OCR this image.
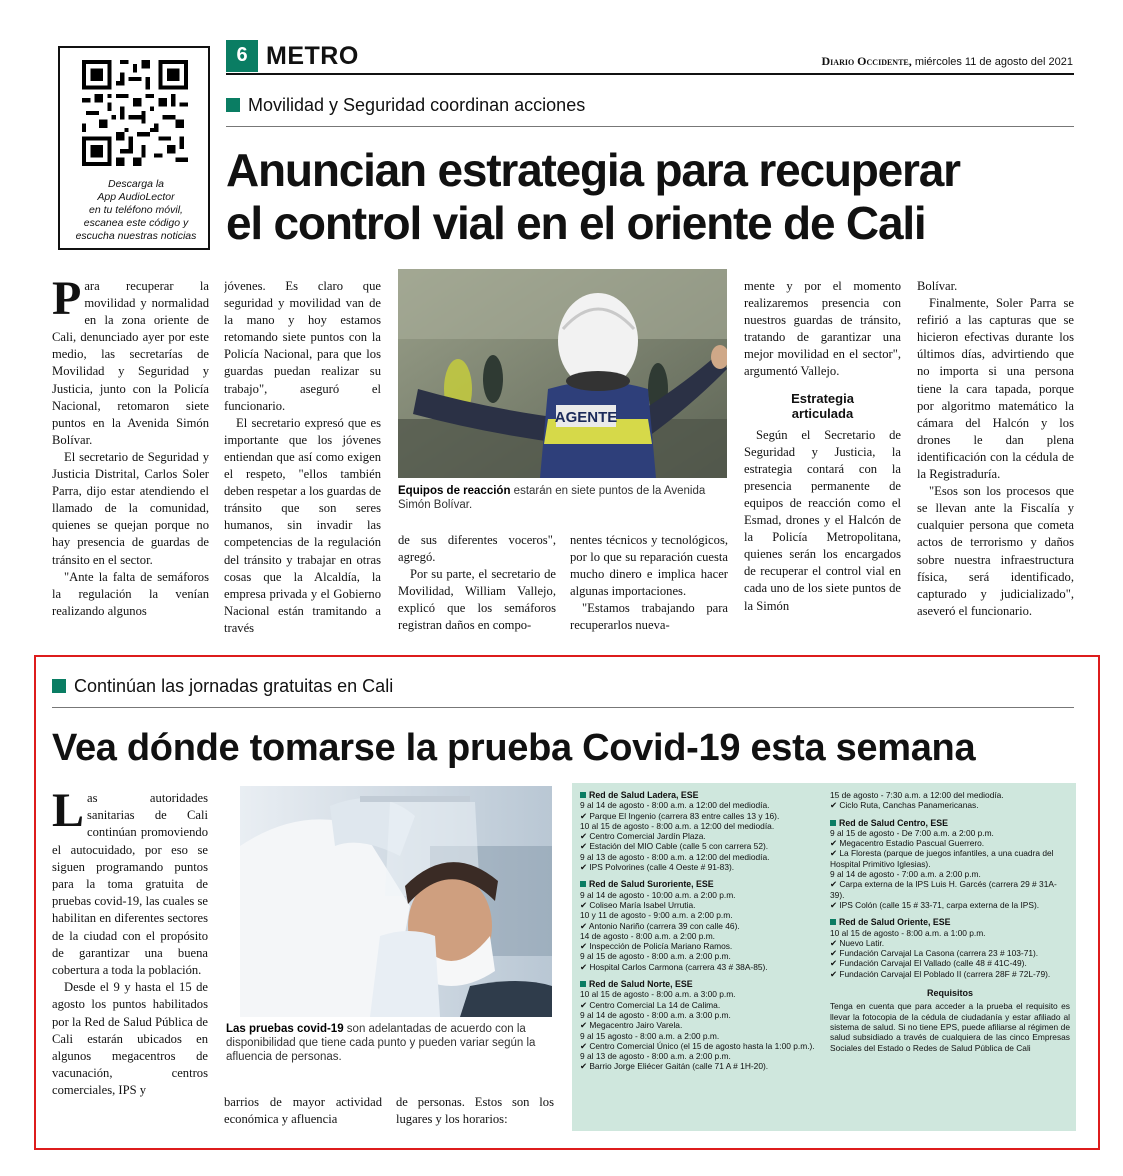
Descarga la
App AudioLector
en tu teléfono móvil,
escanea este código y
escucha nuestras noticias
6 METRO	Diario Occidente, miércoles 11 de agosto del 2021
Movilidad y Seguridad coordinan acciones
Anuncian estrategia para recuperar
el control vial en el oriente de Cali

Para recuperar la movilidad y normalidad en la zona oriente de Cali, denunciado ayer por este medio, las secretarías de Movilidad y Seguridad y Justicia, junto con la Policía Nacional, retomaron siete puntos en la Avenida Simón Bolívar.

El secretario de Seguridad y Justicia Distrital, Carlos Soler Parra, dijo estar atendiendo el llamado de la comunidad, quienes se quejan porque no hay presencia de guardas de tránsito en el sector.

"Ante la falta de semáforos la regulación la venían realizando algunos

jóvenes. Es claro que seguridad y movilidad van de la mano y hoy estamos retomando siete puntos con la Policía Nacional, para que los guardas puedan realizar su trabajo", aseguró el funcionario.

El secretario expresó que es importante que los jóvenes entiendan que así como exigen el respeto, "ellos también deben respetar a los guardas de tránsito que son seres humanos, sin invadir las competencias de la regulación del tránsito y trabajar en otras cosas que la Alcaldía, la empresa privada y el Gobierno Nacional están tramitando a través

AGENTE
Equipos de reacción estarán en siete puntos de la Avenida Simón Bolívar.

de sus diferentes voceros", agregó.

Por su parte, el secretario de Movilidad, William Vallejo, explicó que los semáforos registran daños en compo-

nentes técnicos y tecnológicos, por lo que su reparación cuesta mucho dinero e implica hacer algunas importaciones.

"Estamos trabajando para recuperarlos nueva-

mente y por el momento realizaremos presencia con nuestros guardas de tránsito, tratando de garantizar una mejor movilidad en el sector", argumentó Vallejo.

Estrategia
articulada

Según el Secretario de Seguridad y Justicia, la estrategia contará con la presencia permanente de equipos de reacción como el Esmad, drones y el Halcón de la Policía Metropolitana, quienes serán los encargados de recuperar el control vial en cada uno de los siete puntos de la Simón

Bolívar.

Finalmente, Soler Parra se refirió a las capturas que se hicieron efectivas durante los últimos días, advirtiendo que no importa si una persona tiene la cara tapada, porque por algoritmo matemático la cámara del Halcón y los drones le dan plena identificación con la cédula de la Registraduría.

"Esos son los procesos que se llevan ante la Fiscalía y cualquier persona que cometa actos de terrorismo y daños sobre nuestra infraestructura física, será identificado, capturado y judicializado", aseveró el funcionario.

Continúan las jornadas gratuitas en Cali
Vea dónde tomarse la prueba Covid-19 esta semana

Las autoridades sanitarias de Cali continúan promoviendo el autocuidado, por eso se siguen programando puntos para la toma gratuita de pruebas covid-19, las cuales se habilitan en diferentes sectores de la ciudad con el propósito de garantizar una buena cobertura a toda la población.

Desde el 9 y hasta el 15 de agosto los puntos habilitados por la Red de Salud Pública de Cali estarán ubicados en algunos megacentros de vacunación, centros comerciales, IPS y

Las pruebas covid-19 son adelantadas de acuerdo con la disponibilidad que tiene cada punto y pueden variar según la afluencia de personas.
barrios de mayor actividad económica y afluencia
de personas. Estos son los lugares y los horarios:
Red de Salud Ladera, ESE
9 al 14 de agosto - 8:00 a.m. a 12:00 del mediodía.
✔ Parque El Ingenio (carrera 83 entre calles 13 y 16).
10 al 15 de agosto - 8:00 a.m. a 12:00 del mediodía.
✔ Centro Comercial Jardín Plaza.
✔ Estación del MIO Cable (calle 5 con carrera 52).
9 al 13 de agosto - 8:00 a.m. a 12:00 del mediodía.
✔ IPS Polvorines (calle 4 Oeste # 91-83).
Red de Salud Suroriente, ESE
9 al 14 de agosto - 10:00 a.m. a 2:00 p.m.
✔ Coliseo María Isabel Urrutia.
10 y 11 de agosto - 9:00 a.m. a 2:00 p.m.
✔ Antonio Nariño (carrera 39 con calle 46).
14 de agosto - 8:00 a.m. a 2:00 p.m.
✔ Inspección de Policía Mariano Ramos.
9 al 15 de agosto - 8:00 a.m. a 2:00 p.m.
✔ Hospital Carlos Carmona (carrera 43 # 38A-85).
Red de Salud Norte, ESE
10 al 15 de agosto - 8:00 a.m. a 3:00 p.m.
✔ Centro Comercial La 14 de Calima.
9 al 14 de agosto - 8:00 a.m. a 3:00 p.m.
✔ Megacentro Jairo Varela.
9 al 15 agosto - 8:00 a.m. a 2:00 p.m.
✔ Centro Comercial Único (el 15 de agosto hasta la 1:00 p.m.).
9 al 13 de agosto - 8:00 a.m. a 2:00 p.m.
✔ Barrio Jorge Eliécer Gaitán (calle 71 A # 1H-20).
15 de agosto - 7:30 a.m. a 12:00 del mediodía.
✔ Ciclo Ruta, Canchas Panamericanas.
Red de Salud Centro, ESE
9 al 15 de agosto - De 7:00 a.m. a 2:00 p.m.
✔ Megacentro Estadio Pascual Guerrero.
✔ La Floresta (parque de juegos infantiles, a una cuadra del Hospital Primitivo Iglesias).
9 al 14 de agosto - 7:00 a.m. a 2:00 p.m.
✔ Carpa externa de la IPS Luis H. Garcés (carrera 29 # 31A-39).
✔ IPS Colón (calle 15 # 33-71, carpa externa de la IPS).
Red de Salud Oriente, ESE
10 al 15 de agosto - 8:00 a.m. a 1:00 p.m.
✔ Nuevo Latir.
✔ Fundación Carvajal La Casona (carrera 23 # 103-71).
✔ Fundación Carvajal El Vallado (calle 48 # 41C-49).
✔ Fundación Carvajal El Poblado II (carrera 28F # 72L-79).
Requisitos
Tenga en cuenta que para acceder a la prueba el requisito es llevar la fotocopia de la cédula de ciudadanía y estar afiliado al sistema de salud. Si no tiene EPS, puede afiliarse al régimen de salud subsidiado a través de cualquiera de las cinco Empresas Sociales del Estado o Redes de Salud Pública de Cali
